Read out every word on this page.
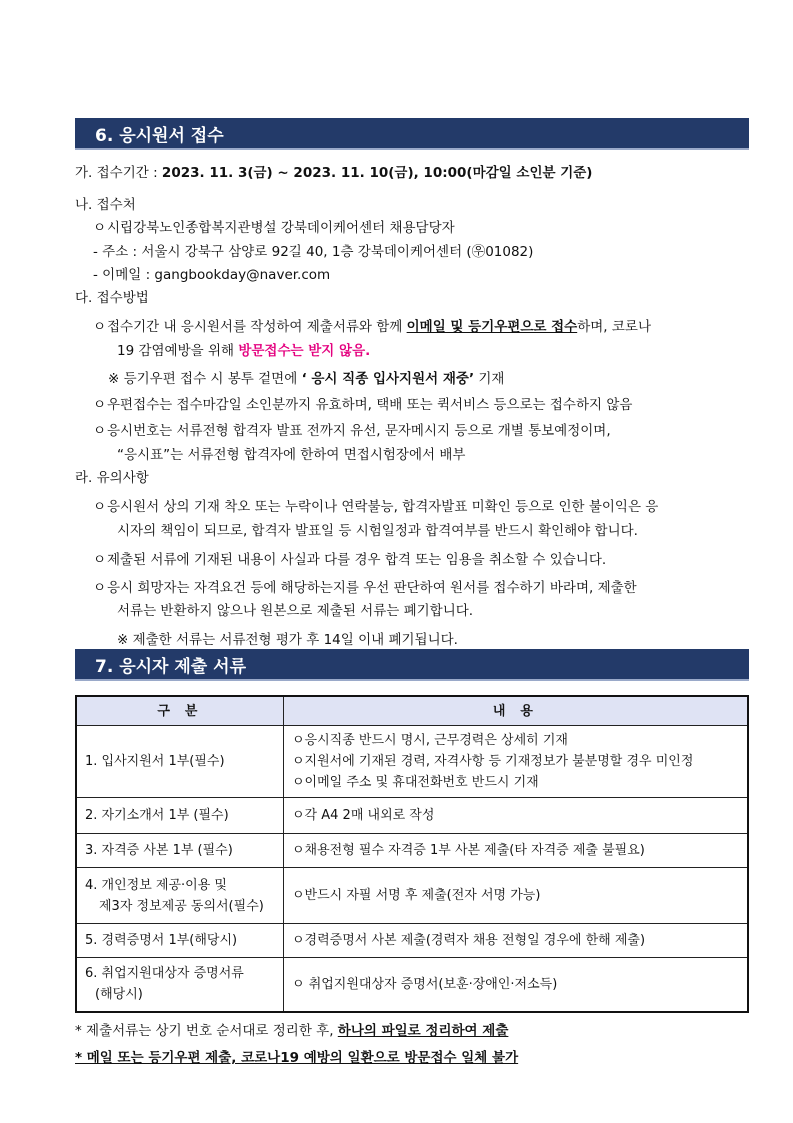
6. 응시원서 접수
가. 접수기간 : 2023. 11. 3(금) ~ 2023. 11. 10(금), 10:00(마감일 소인분 기준)
나. 접수처
ㅇ시립강북노인종합복지관병설 강북데이케어센터 채용담당자
- 주소 : 서울시 강북구 삼양로 92길 40, 1층 강북데이케어센터 (㉾01082)
- 이메일 : gangbookday@naver.com
다. 접수방법
ㅇ접수기간 내 응시원서를 작성하여 제출서류와 함께 이메일 및 등기우편으로 접수하며, 코로나
19 감염예방을 위해 방문접수는 받지 않음.
※ 등기우편 접수 시 봉투 겉면에 ‘ 응시 직종 입사지원서 재중’ 기재
ㅇ우편접수는 접수마감일 소인분까지 유효하며, 택배 또는 퀵서비스 등으로는 접수하지 않음
ㅇ응시번호는 서류전형 합격자 발표 전까지 유선, 문자메시지 등으로 개별 통보예정이며,
“응시표”는 서류전형 합격자에 한하여 면접시험장에서 배부
라. 유의사항
ㅇ응시원서 상의 기재 착오 또는 누락이나 연락불능, 합격자발표 미확인 등으로 인한 불이익은 응
시자의 책임이 되므로, 합격자 발표일 등 시험일정과 합격여부를 반드시 확인해야 합니다.
ㅇ제출된 서류에 기재된 내용이 사실과 다를 경우 합격 또는 임용을 취소할 수 있습니다.
ㅇ응시 희망자는 자격요건 등에 해당하는지를 우선 판단하여 원서를 접수하기 바라며, 제출한
서류는 반환하지 않으나 원본으로 제출된 서류는 폐기합니다.
※ 제출한 서류는 서류전형 평가 후 14일 이내 폐기됩니다.
7. 응시자 제출 서류
구 분	내 용

1. 입사지원서 1부(필수)	ㅇ응시직종 반드시 명시, 근무경력은 상세히 기재
ㅇ지원서에 기재된 경력, 자격사항 등 기재정보가 불분명할 경우 미인정
ㅇ이메일 주소 및 휴대전화번호 반드시 기재

2. 자기소개서 1부 (필수)	ㅇ각 A4 2매 내외로 작성

3. 자격증 사본 1부 (필수)	ㅇ채용전형 필수 자격증 1부 사본 제출(타 자격증 제출 불필요)

4. 개인정보 제공·이용 및
제3자 정보제공 동의서(필수)	ㅇ반드시 자필 서명 후 제출(전자 서명 가능)

5. 경력증명서 1부(해당시)	ㅇ경력증명서 사본 제출(경력자 채용 전형일 경우에 한해 제출)

6. 취업지원대상자 증명서류
(해당시)	ㅇ 취업지원대상자 증명서(보훈·장애인·저소득)
* 제출서류는 상기 번호 순서대로 정리한 후, 하나의 파일로 정리하여 제출
* 메일 또는 등기우편 제출, 코로나19 예방의 일환으로 방문접수 일체 불가
